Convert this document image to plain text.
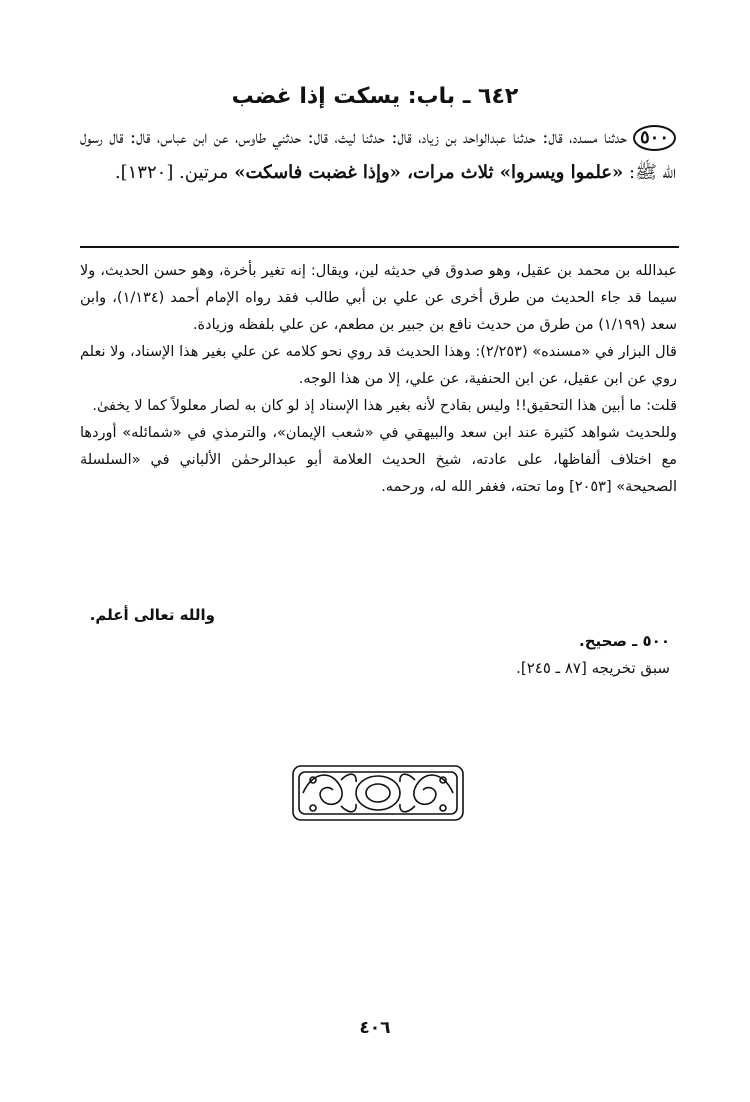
٦٤٢ ـ باب: يسكت إذا غضب
٥٠٠حدثنا مسدد، قال: حدثنا عبدالواحد بن زياد، قال: حدثنا ليث، قال: حدثني طاوس، عن ابن عباس، قال: قال رسول الله ﷺ: «علموا ويسروا» ثلاث مرات، «وإذا غضبت فاسكت» مرتين. [١٣٢٠].

عبدالله بن محمد بن عقيل، وهو صدوق في حديثه لين، ويقال: إنه تغير بأخرة، وهو حسن الحديث، ولا سيما قد جاء الحديث من طرق أخرى عن علي بن أبي طالب فقد رواه الإمام أحمد (١/١٣٤)، وابن سعد (١/١٩٩) من طرق من حديث نافع بن جبير بن مطعم، عن علي بلفظه وزيادة.

قال البزار في «مسنده» (٢/٢٥٣): وهذا الحديث قد روي نحو كلامه عن علي بغير هذا الإسناد، ولا نعلم روي عن ابن عقيل، عن ابن الحنفية، عن علي، إلا من هذا الوجه.

قلت: ما أبين هذا التحقيق!! وليس بقادح لأنه بغير هذا الإسناد إذ لو كان به لصار معلولاً كما لا يخفىٰ.

وللحديث شواهد كثيرة عند ابن سعد والبيهقي في «شعب الإيمان»، والترمذي في «شمائله» أوردها مع اختلاف ألفاظها، على عادته، شيخ الحديث العلامة أبو عبدالرحمٰن الألباني في «السلسلة الصحيحة» [٢٠٥٣] وما تحته، فغفر الله له، ورحمه.

والله تعالى أعلم.
٥٠٠ ـ صحيح.
سبق تخريجه [٨٧ ـ ٢٤٥].
٤٠٦
